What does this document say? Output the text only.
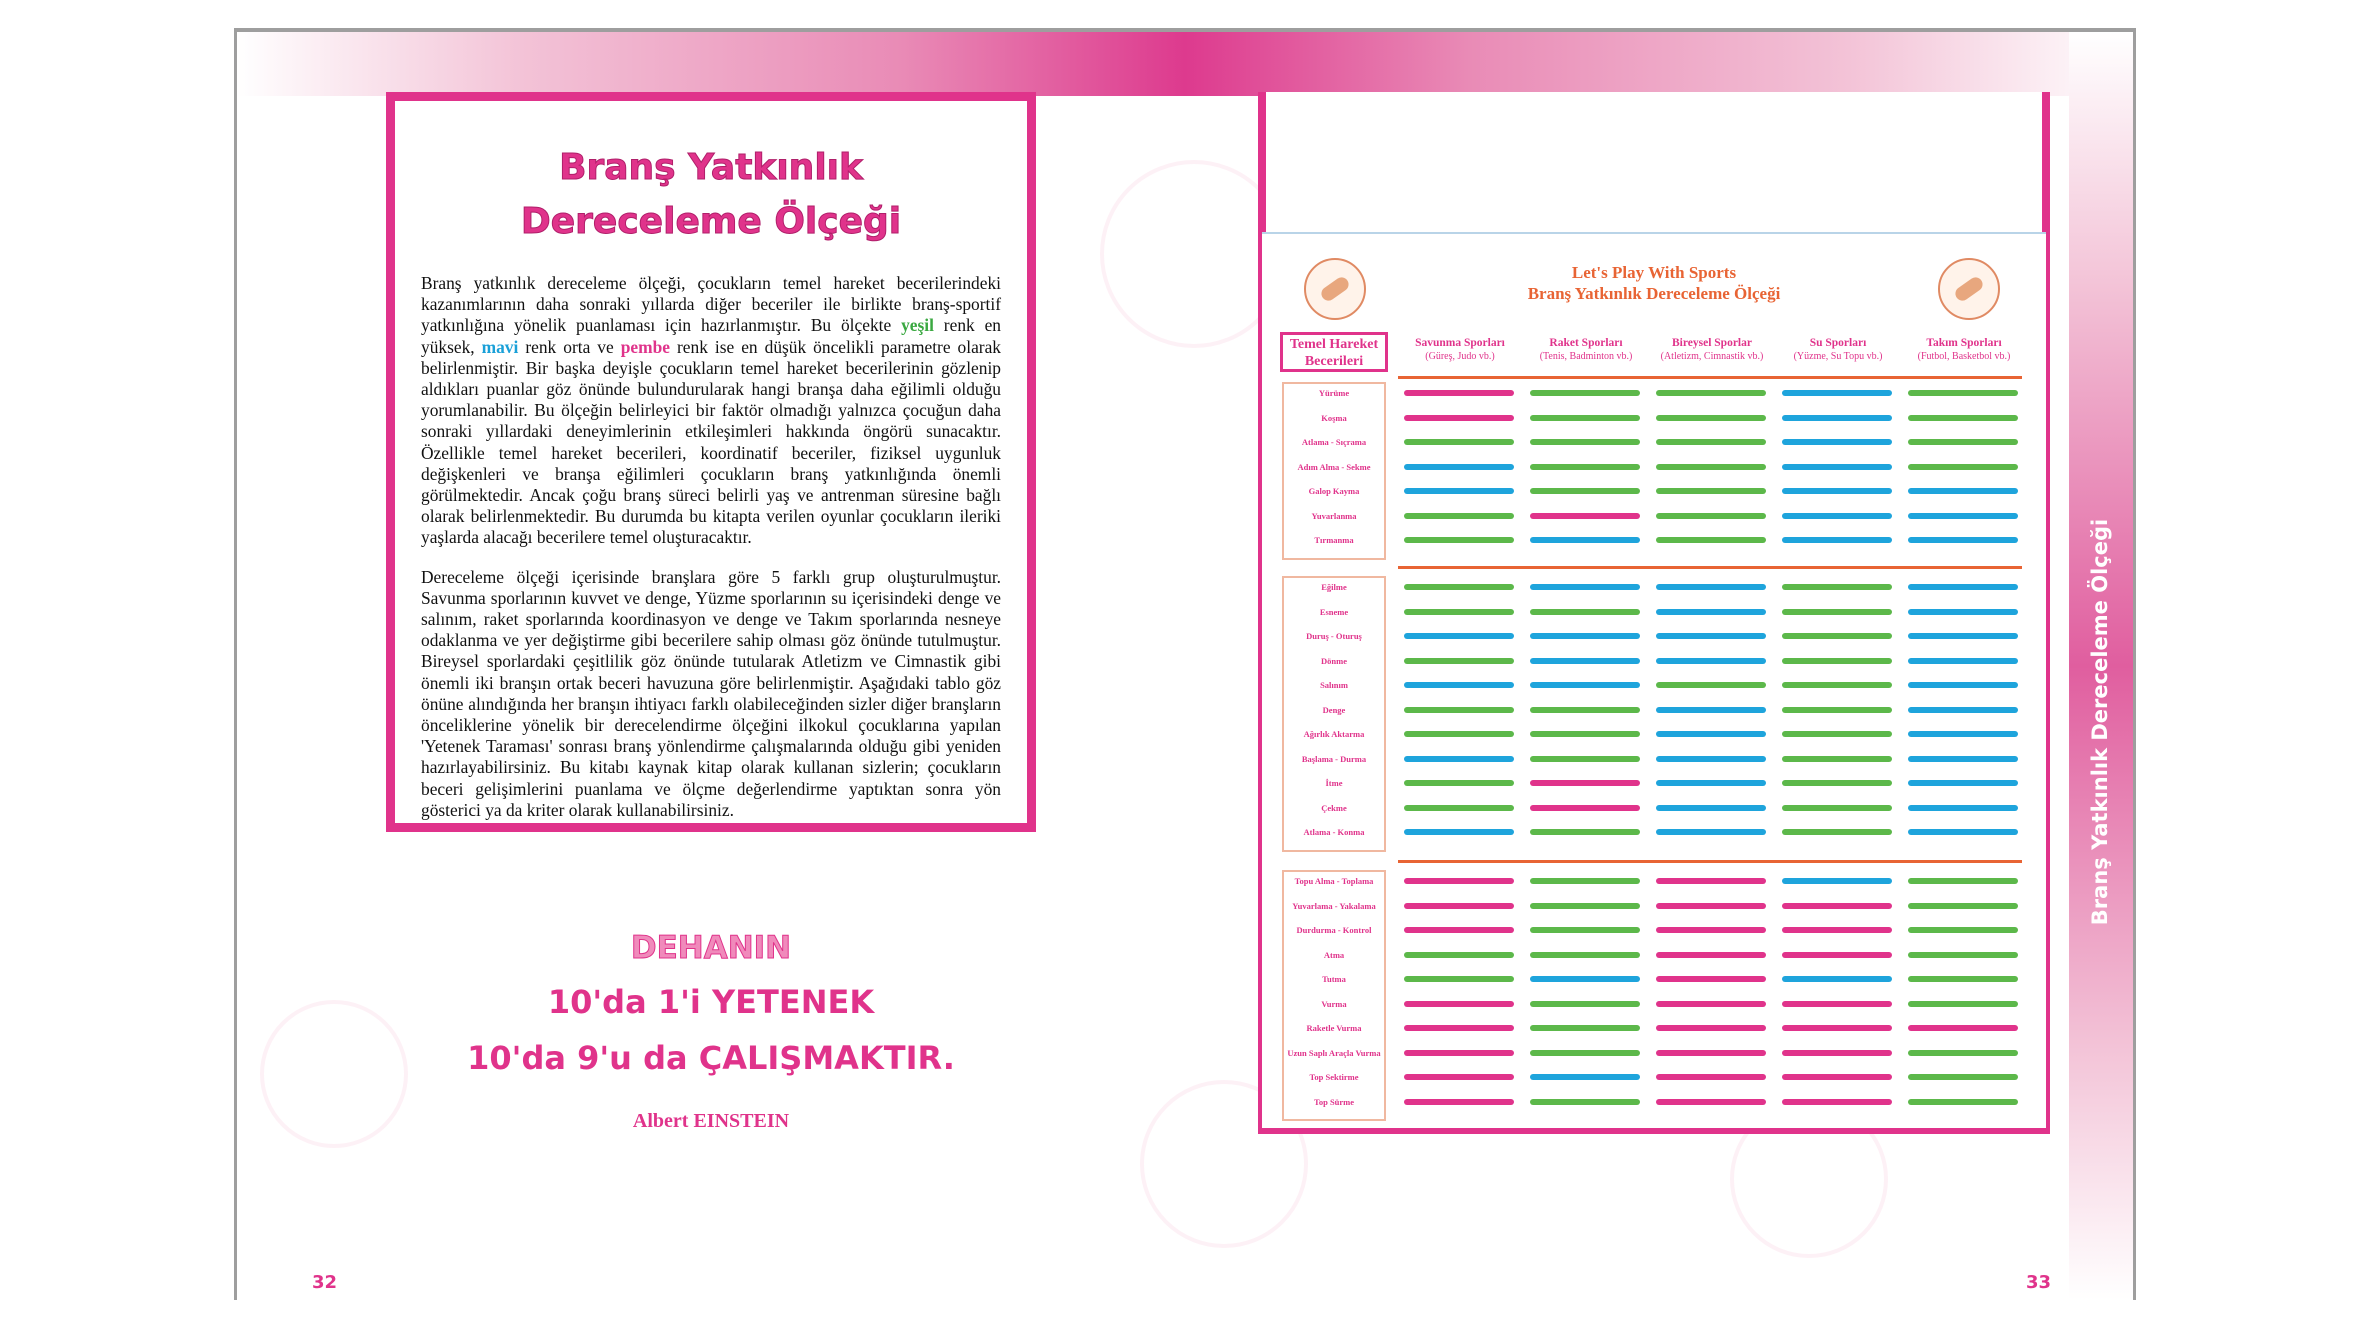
Branş Yatkınlık Dereceleme Ölçeği
Branş Yatkınlık
Dereceleme Ölçeği

Branş yatkınlık dereceleme ölçeği, çocukların temel hareket becerilerindeki kazanımlarının daha sonraki yıllarda diğer beceriler ile birlikte branş-sportif yatkınlığına yönelik puanlaması için hazırlanmıştır. Bu ölçekte yeşil renk en yüksek, mavi renk orta ve pembe renk ise en düşük öncelikli parametre olarak belirlenmiştir. Bir başka deyişle çocukların temel hareket becerilerinin gözlenip aldıkları puanlar göz önünde bulundurularak hangi branşa daha eğilimli olduğu yorumlanabilir. Bu ölçeğin belirleyici bir faktör olmadığı yalnızca çocuğun daha sonraki yıllardaki deneyimlerinin etkileşimleri hakkında öngörü sunacaktır. Özellikle temel hareket becerileri, koordinatif beceriler, fiziksel uygunluk değişkenleri ve branşa eğilimleri çocukların branş yatkınlığında önemli görülmektedir. Ancak çoğu branş süreci belirli yaş ve antrenman süresine bağlı olarak belirlenmektedir. Bu durumda bu kitapta verilen oyunlar çocukların ileriki yaşlarda alacağı becerilere temel oluşturacaktır.

Dereceleme ölçeği içerisinde branşlara göre 5 farklı grup oluşturulmuştur. Savunma sporlarının kuvvet ve denge, Yüzme sporlarının su içerisindeki denge ve salınım, raket sporlarında koordinasyon ve denge ve Takım sporlarında nesneye odaklanma ve yer değiştirme gibi becerilere sahip olması göz önünde tutulmuştur. Bireysel sporlardaki çeşitlilik göz önünde tutularak Atletizm ve Cimnastik gibi önemli iki branşın ortak beceri havuzuna göre belirlenmiştir. Aşağıdaki tablo göz önüne alındığında her branşın ihtiyacı farklı olabileceğinden sizler diğer branşların önceliklerine yönelik bir derecelendirme ölçeğini ilkokul çocuklarına yapılan 'Yetenek Taraması' sonrası branş yönlendirme çalışmalarında olduğu gibi yeniden hazırlayabilirsiniz. Bu kitabı kaynak kitap olarak kullanan sizlerin; çocukların beceri gelişimlerini puanlama ve ölçme değerlendirme yaptıktan sonra yön gösterici ya da kriter olarak kullanabilirsiniz.

DEHANIN
10'da 1'i YETENEK
10'da 9'u da ÇALIŞMAKTIR.
Albert EINSTEIN
32	33
Let's Play With Sports
Branş Yatkınlık Dereceleme Ölçeği
Temel Hareket Becerileri
Savunma Sporları
(Güreş, Judo vb.)
Raket Sporları
(Tenis, Badminton vb.)
Bireysel Sporlar
(Atletizm, Cimnastik vb.)
Su Sporları
(Yüzme, Su Topu vb.)
Takım Sporları
(Futbol, Basketbol vb.)
Yürüme
Koşma
Atlama - Sıçrama
Adım Alma - Sekme
Galop Kayma
Yuvarlanma
Tırmanma
Eğilme
Esneme
Duruş - Oturuş
Dönme
Salınım
Denge
Ağırlık Aktarma
Başlama - Durma
İtme
Çekme
Atlama - Konma
Topu Alma - Toplama
Yuvarlama - Yakalama
Durdurma - Kontrol
Atma
Tutma
Vurma
Raketle Vurma
Uzun Saplı Araçla Vurma
Top Sektirme
Top Sürme
